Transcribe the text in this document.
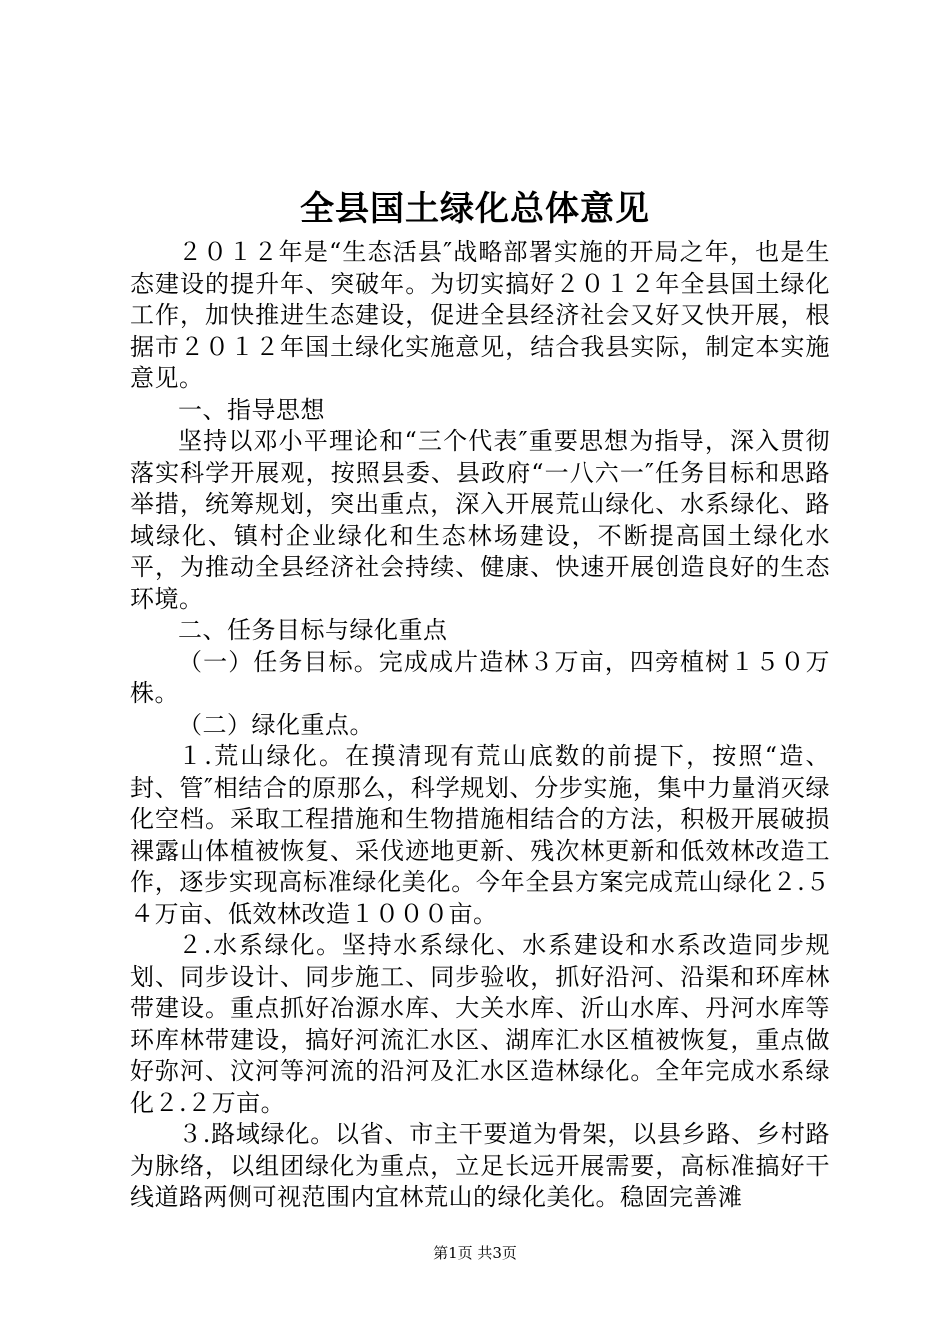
全县国土绿化总体意见

２０１２年是“生态活县″战略部署实施的开局之年，也是生态建设的提升年、突破年。为切实搞好２０１２年全县国土绿化工作，加快推进生态建设，促进全县经济社会又好又快开展，根据市２０１２年国土绿化实施意见，结合我县实际，制定本实施意见。

一、指导思想

坚持以邓小平理论和“三个代表″重要思想为指导，深入贯彻落实科学开展观，按照县委、县政府“一八六一″任务目标和思路举措，统筹规划，突出重点，深入开展荒山绿化、水系绿化、路域绿化、镇村企业绿化和生态林场建设，不断提高国土绿化水平，为推动全县经济社会持续、健康、快速开展创造良好的生态环境。

二、任务目标与绿化重点

（一）任务目标。完成成片造林３万亩，四旁植树１５０万株。

（二）绿化重点。

１.荒山绿化。在摸清现有荒山底数的前提下，按照“造、封、管″相结合的原那么，科学规划、分步实施，集中力量消灭绿化空档。采取工程措施和生物措施相结合的方法，积极开展破损裸露山体植被恢复、采伐迹地更新、残次林更新和低效林改造工作，逐步实现高标准绿化美化。今年全县方案完成荒山绿化２.５４万亩、低效林改造１０００亩。

２.水系绿化。坚持水系绿化、水系建设和水系改造同步规划、同步设计、同步施工、同步验收，抓好沿河、沿渠和环库林带建设。重点抓好冶源水库、大关水库、沂山水库、丹河水库等环库林带建设，搞好河流汇水区、湖库汇水区植被恢复，重点做好弥河、汶河等河流的沿河及汇水区造林绿化。全年完成水系绿化２.２万亩。

３.路域绿化。以省、市主干要道为骨架，以县乡路、乡村路为脉络，以组团绿化为重点，立足长远开展需要，高标准搞好干线道路两侧可视范围内宜林荒山的绿化美化。稳固完善滩

第1页 共3页
